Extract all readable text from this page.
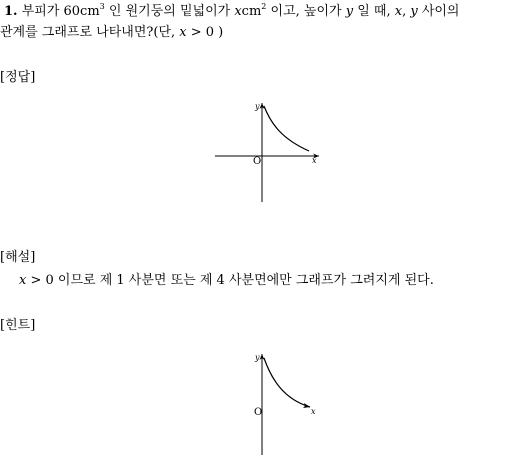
1. 부피가 $60cm^3$ 인 원기둥의 밑넓이가 xcm$^2$ 이고, 높이가 y 일 때, x, y 사이의
관계를 그래프로 나타내면?(단, x > 0 )
[정답]
y
x
O
[해설]
x > 0 이므로 제 1 사분면 또는 제 4 사분면에만 그래프가 그려지게 된다.
[힌트]
y
O	x
